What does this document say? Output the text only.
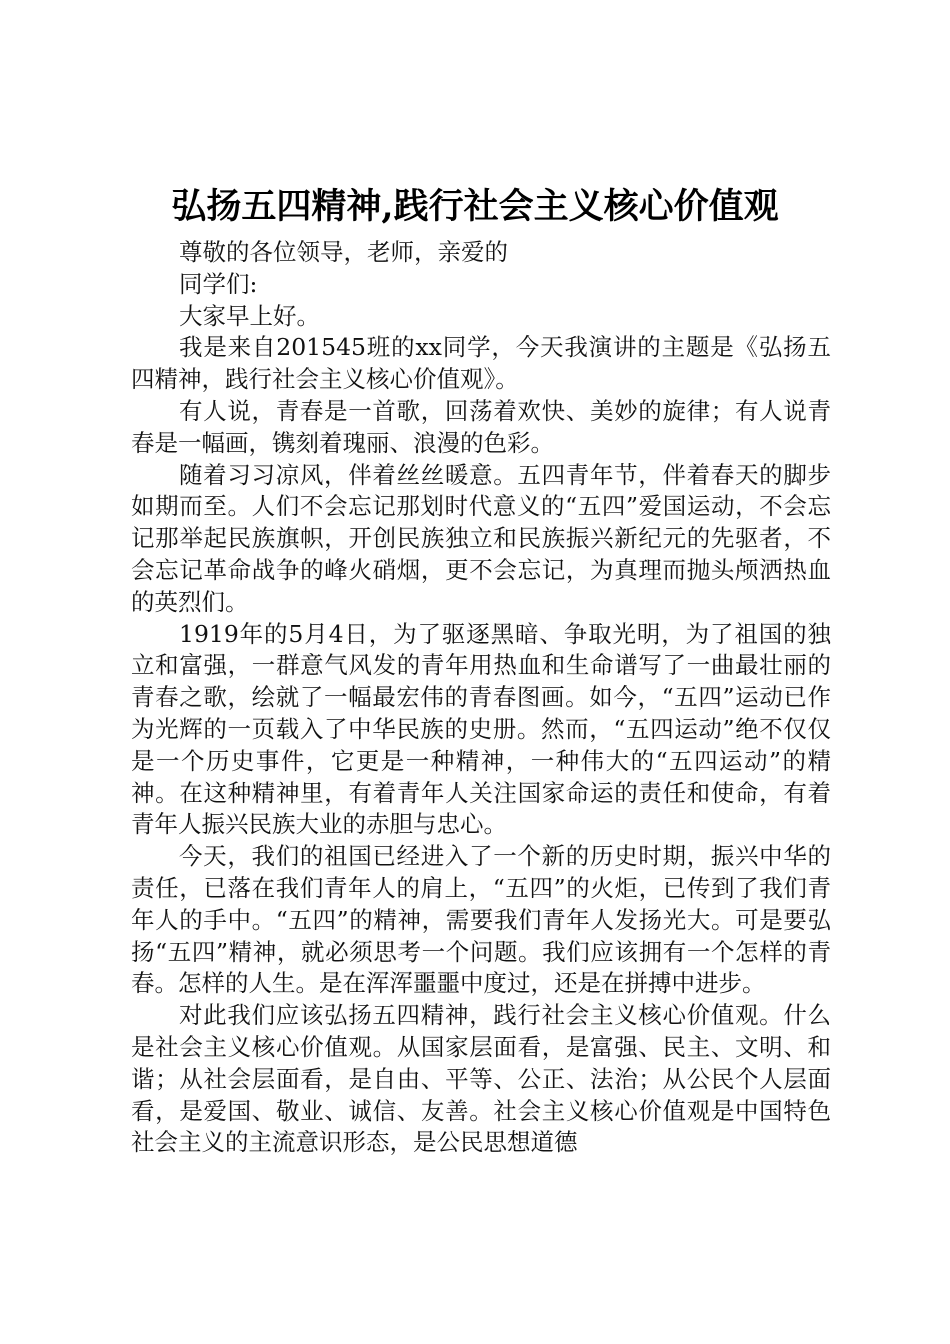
弘扬五四精神,践行社会主义核心价值观

尊敬的各位领导，老师，亲爱的

同学们:

大家早上好。

我是来自201545班的xx同学，今天我演讲的主题是《弘扬五四精神，践行社会主义核心价值观》。

有人说，青春是一首歌，回荡着欢快、美妙的旋律；有人说青春是一幅画，镌刻着瑰丽、浪漫的色彩。

随着习习凉风，伴着丝丝暖意。五四青年节，伴着春天的脚步如期而至。人们不会忘记那划时代意义的“五四”爱国运动，不会忘记那举起民族旗帜，开创民族独立和民族振兴新纪元的先驱者，不会忘记革命战争的峰火硝烟，更不会忘记，为真理而抛头颅洒热血的英烈们。

1919年的5月4日，为了驱逐黑暗、争取光明，为了祖国的独立和富强，一群意气风发的青年用热血和生命谱写了一曲最壮丽的青春之歌，绘就了一幅最宏伟的青春图画。如今，“五四”运动已作为光辉的一页载入了中华民族的史册。然而，“五四运动”绝不仅仅是一个历史事件，它更是一种精神，一种伟大的“五四运动”的精神。在这种精神里，有着青年人关注国家命运的责任和使命，有着青年人振兴民族大业的赤胆与忠心。

今天，我们的祖国已经进入了一个新的历史时期，振兴中华的责任，已落在我们青年人的肩上，“五四”的火炬，已传到了我们青年人的手中。“五四”的精神，需要我们青年人发扬光大。可是要弘扬“五四”精神，就必须思考一个问题。我们应该拥有一个怎样的青春。怎样的人生。是在浑浑噩噩中度过，还是在拼搏中进步。

对此我们应该弘扬五四精神，践行社会主义核心价值观。什么是社会主义核心价值观。从国家层面看，是富强、民主、文明、和谐；从社会层面看，是自由、平等、公正、法治；从公民个人层面看，是爱国、敬业、诚信、友善。社会主义核心价值观是中国特色社会主义的主流意识形态，是公民思想道德
